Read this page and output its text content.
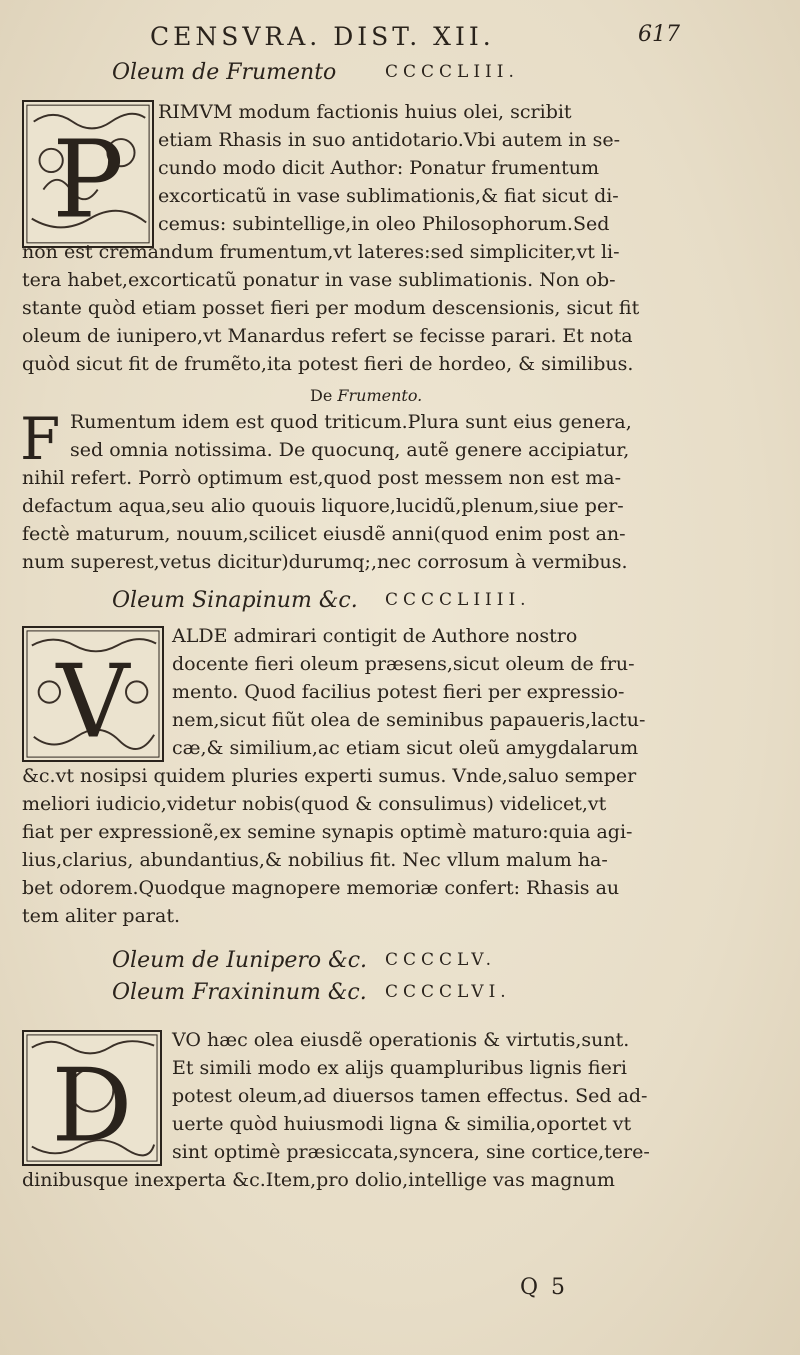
CENSVRA. DIST. XII.	617
Oleum de Frumento	CCCCLIII.
P
RIMVM modum factionis huius olei, scribit
etiam Rhasis in suo antidotario.Vbi autem in se-
cundo modo dicit Author: Ponatur frumentum
excorticatũ in vase sublimationis,& fiat sicut di-
cemus: subintellige,in oleo Philosophorum.Sed
non est cremandum frumentum,vt lateres:sed simpliciter,vt li-
tera habet,excorticatũ ponatur in vase sublimationis. Non ob-
stante quòd etiam posset fieri per modum descensionis, sicut fit
oleum de iunipero,vt Manardus refert se fecisse parari. Et nota
quòd sicut fit de frumẽto,ita potest fieri de hordeo, & similibus.
De Frumento.
F Rumentum idem est quod triticum.Plura sunt eius genera,
sed omnia notissima. De quocunq, autẽ genere accipiatur,
nihil refert. Porrò optimum est,quod post messem non est ma-
defactum aqua,seu alio quouis liquore,lucidũ,plenum,siue per-
fectè maturum, nouum,scilicet eiusdẽ anni(quod enim post an-
num superest,vetus dicitur)durumq;,nec corrosum à vermibus.
Oleum Sinapinum &c. CCCCLIIII.
V
ALDE admirari contigit de Authore nostro
docente fieri oleum præsens,sicut oleum de fru-
mento. Quod facilius potest fieri per expressio-
nem,sicut fiũt olea de seminibus papaueris,lactu-
cæ,& similium,ac etiam sicut oleũ amygdalarum
&c.vt nosipsi quidem pluries experti sumus. Vnde,saluo semper
meliori iudicio,videtur nobis(quod & consulimus) videlicet,vt
fiat per expressionẽ,ex semine synapis optimè maturo:quia agi-
lius,clarius, abundantius,& nobilius fit. Nec vllum malum ha-
bet odorem.Quodque magnopere memoriæ confert: Rhasis au
tem aliter parat.
Oleum de Iunipero &c. CCCCLV.
Oleum Fraxininum &c. CCCCLVI.
D
VO hæc olea eiusdẽ operationis & virtutis,sunt.
Et simili modo ex alijs quampluribus lignis fieri
potest oleum,ad diuersos tamen effectus. Sed ad-
uerte quòd huiusmodi ligna & similia,oportet vt
sint optimè præsiccata,syncera, sine cortice,tere-
dinibusque inexperta &c.Item,pro dolio,intellige vas magnum
Q 5
